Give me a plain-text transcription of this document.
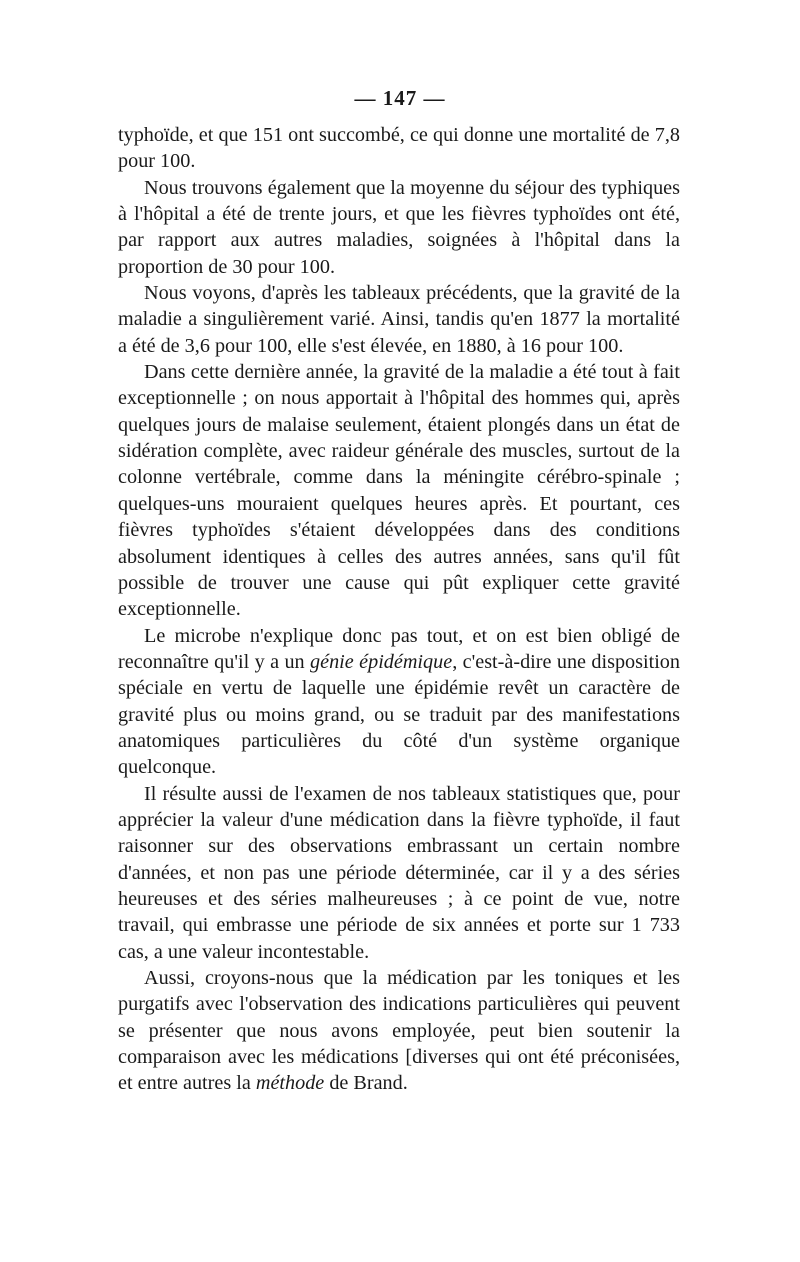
— 147 —

typhoïde, et que 151 ont succombé, ce qui donne une mortalité de 7,8 pour 100.

Nous trouvons également que la moyenne du séjour des typhiques à l'hôpital a été de trente jours, et que les fièvres typhoïdes ont été, par rapport aux autres maladies, soignées à l'hôpital dans la proportion de 30 pour 100.

Nous voyons, d'après les tableaux précédents, que la gravité de la maladie a singulièrement varié. Ainsi, tandis qu'en 1877 la mortalité a été de 3,6 pour 100, elle s'est élevée, en 1880, à 16 pour 100.

Dans cette dernière année, la gravité de la maladie a été tout à fait exceptionnelle ; on nous apportait à l'hôpital des hommes qui, après quelques jours de malaise seulement, étaient plongés dans un état de sidération complète, avec raideur générale des muscles, surtout de la colonne vertébrale, comme dans la méningite cérébro-spinale ; quelques-uns mouraient quelques heures après. Et pourtant, ces fièvres typhoïdes s'étaient développées dans des conditions absolument identiques à celles des autres années, sans qu'il fût possible de trouver une cause qui pût expliquer cette gravité exceptionnelle.

Le microbe n'explique donc pas tout, et on est bien obligé de reconnaître qu'il y a un génie épidémique, c'est-à-dire une disposition spéciale en vertu de laquelle une épidémie revêt un caractère de gravité plus ou moins grand, ou se traduit par des manifestations anatomiques particulières du côté d'un système organique quelconque.

Il résulte aussi de l'examen de nos tableaux statistiques que, pour apprécier la valeur d'une médication dans la fièvre typhoïde, il faut raisonner sur des observations embrassant un certain nombre d'années, et non pas une période déterminée, car il y a des séries heureuses et des séries malheureuses ; à ce point de vue, notre travail, qui embrasse une période de six années et porte sur 1 733 cas, a une valeur incontestable.

Aussi, croyons-nous que la médication par les toniques et les purgatifs avec l'observation des indications particulières qui peuvent se présenter que nous avons employée, peut bien soutenir la comparaison avec les médications [diverses qui ont été préconisées, et entre autres la méthode de Brand.
